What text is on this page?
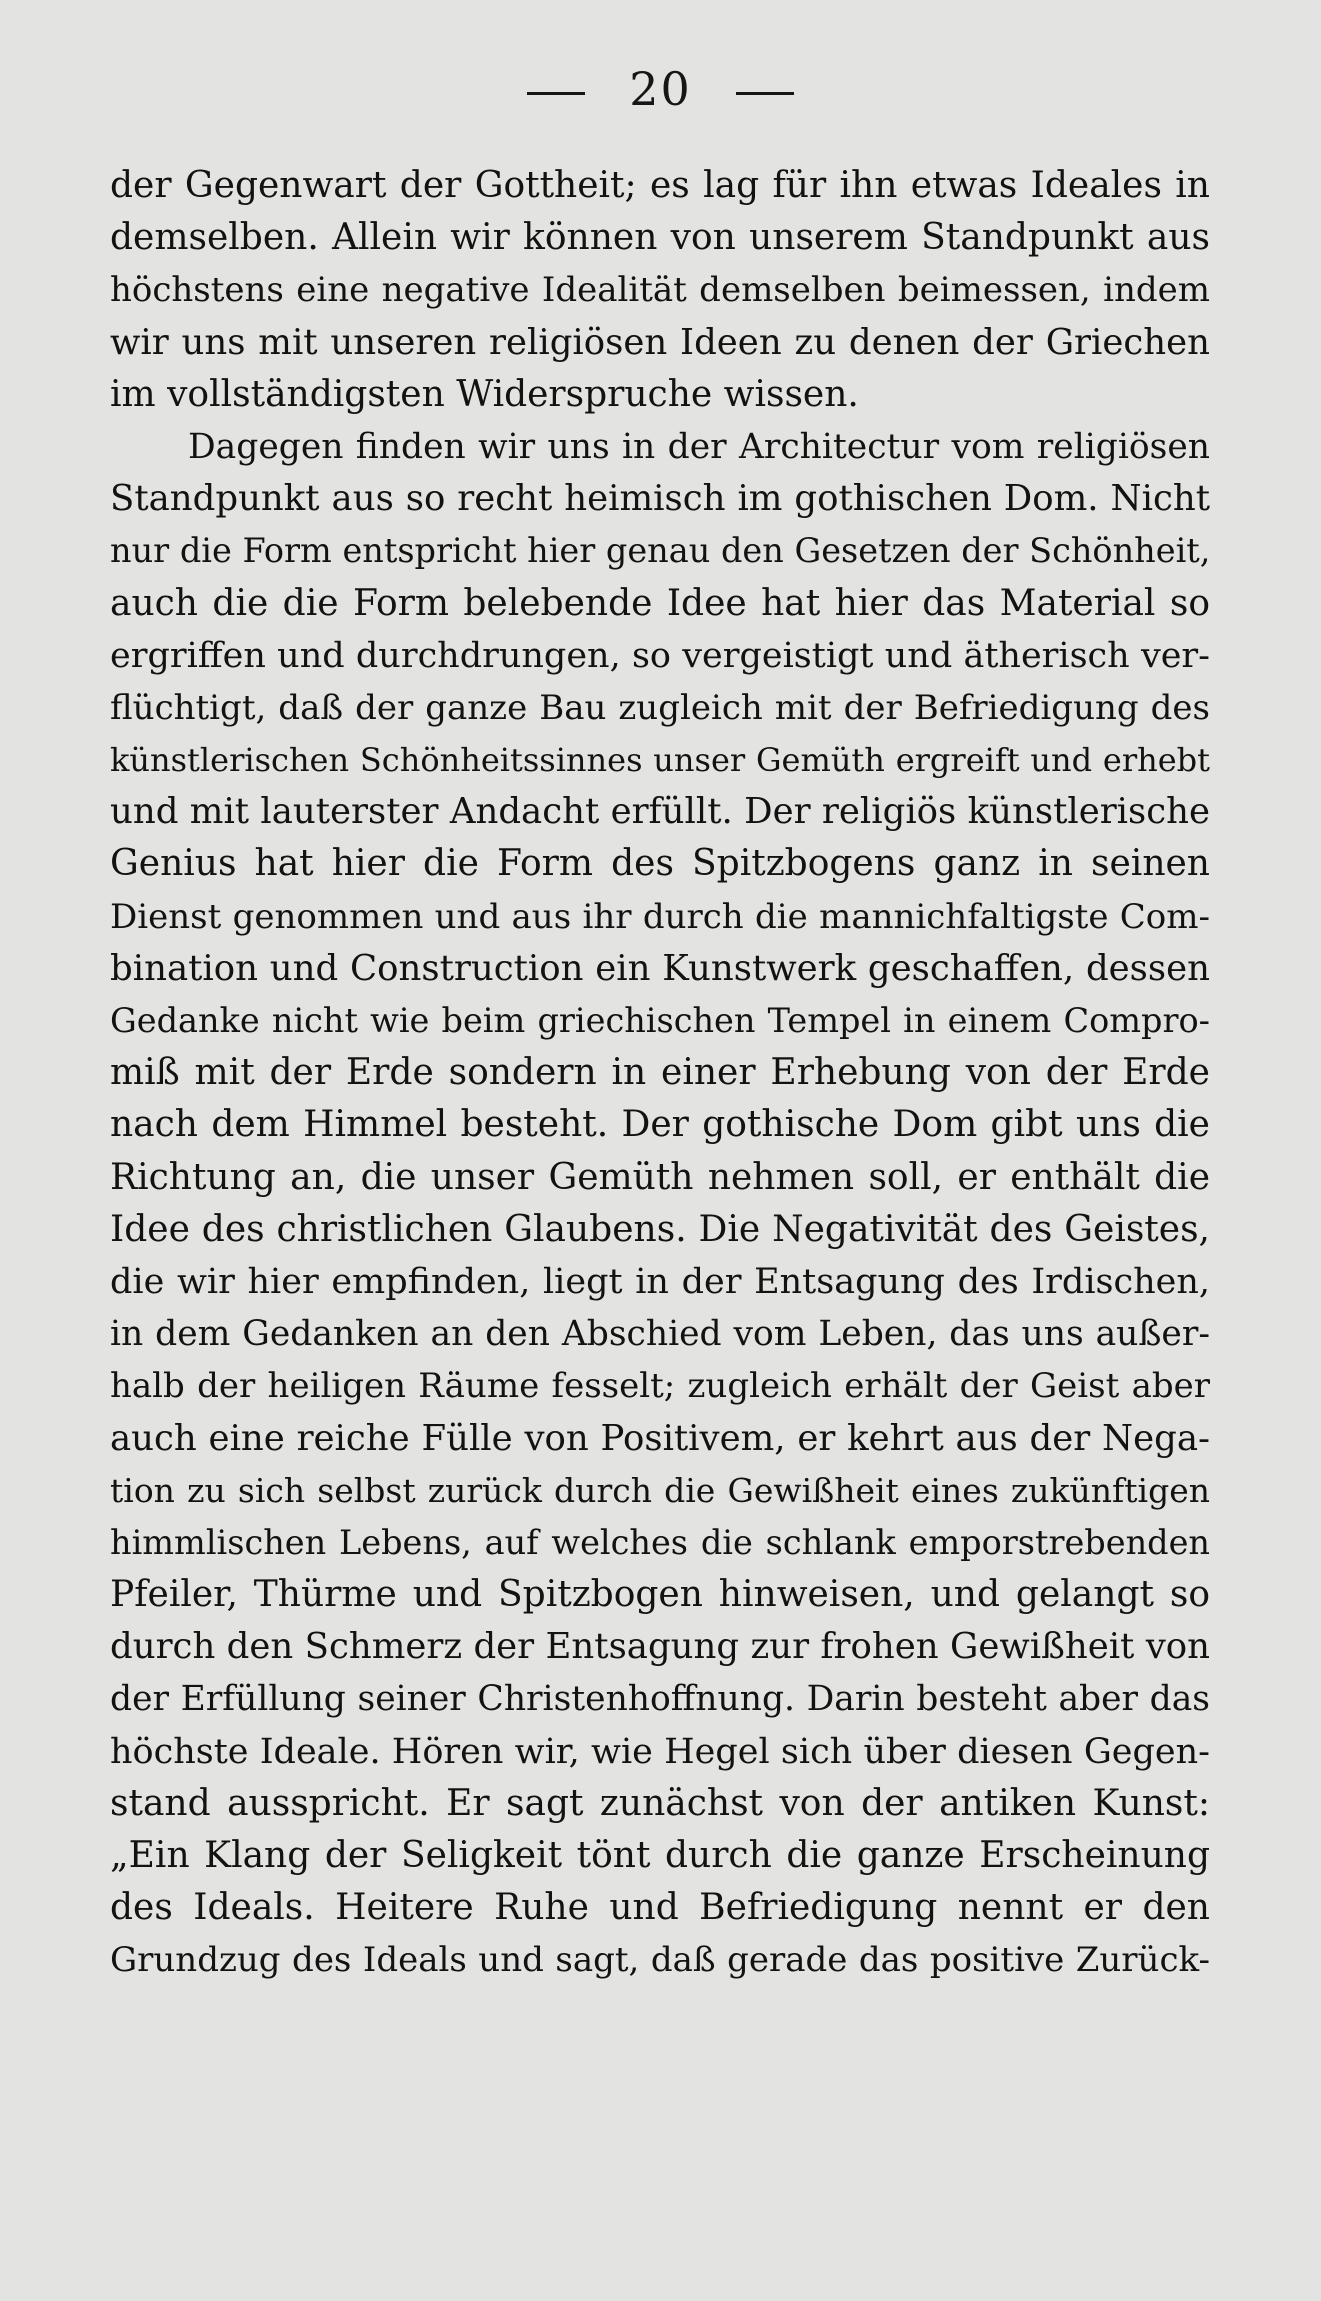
20
der Gegenwart der Gottheit; es lag für ihn etwas Ideales in
demselben. Allein wir können von unserem Standpunkt aus
höchstens eine negative Idealität demselben beimessen, indem
wir uns mit unseren religiösen Ideen zu denen der Griechen
im vollständigsten Widerspruche wissen.
Dagegen finden wir uns in der Architectur vom religiösen
Standpunkt aus so recht heimisch im gothischen Dom. Nicht
nur die Form entspricht hier genau den Gesetzen der Schönheit,
auch die die Form belebende Idee hat hier das Material so
ergriffen und durchdrungen, so vergeistigt und ätherisch ver-
flüchtigt, daß der ganze Bau zugleich mit der Befriedigung des
künstlerischen Schönheitssinnes unser Gemüth ergreift und erhebt
und mit lauterster Andacht erfüllt. Der religiös künstlerische
Genius hat hier die Form des Spitzbogens ganz in seinen
Dienst genommen und aus ihr durch die mannichfaltigste Com-
bination und Construction ein Kunstwerk geschaffen, dessen
Gedanke nicht wie beim griechischen Tempel in einem Compro-
miß mit der Erde sondern in einer Erhebung von der Erde
nach dem Himmel besteht. Der gothische Dom gibt uns die
Richtung an, die unser Gemüth nehmen soll, er enthält die
Idee des christlichen Glaubens. Die Negativität des Geistes,
die wir hier empfinden, liegt in der Entsagung des Irdischen,
in dem Gedanken an den Abschied vom Leben, das uns außer-
halb der heiligen Räume fesselt; zugleich erhält der Geist aber
auch eine reiche Fülle von Positivem, er kehrt aus der Nega-
tion zu sich selbst zurück durch die Gewißheit eines zukünftigen
himmlischen Lebens, auf welches die schlank emporstrebenden
Pfeiler, Thürme und Spitzbogen hinweisen, und gelangt so
durch den Schmerz der Entsagung zur frohen Gewißheit von
der Erfüllung seiner Christenhoffnung. Darin besteht aber das
höchste Ideale. Hören wir, wie Hegel sich über diesen Gegen-
stand ausspricht. Er sagt zunächst von der antiken Kunst:
„Ein Klang der Seligkeit tönt durch die ganze Erscheinung
des Ideals. Heitere Ruhe und Befriedigung nennt er den
Grundzug des Ideals und sagt, daß gerade das positive Zurück-
